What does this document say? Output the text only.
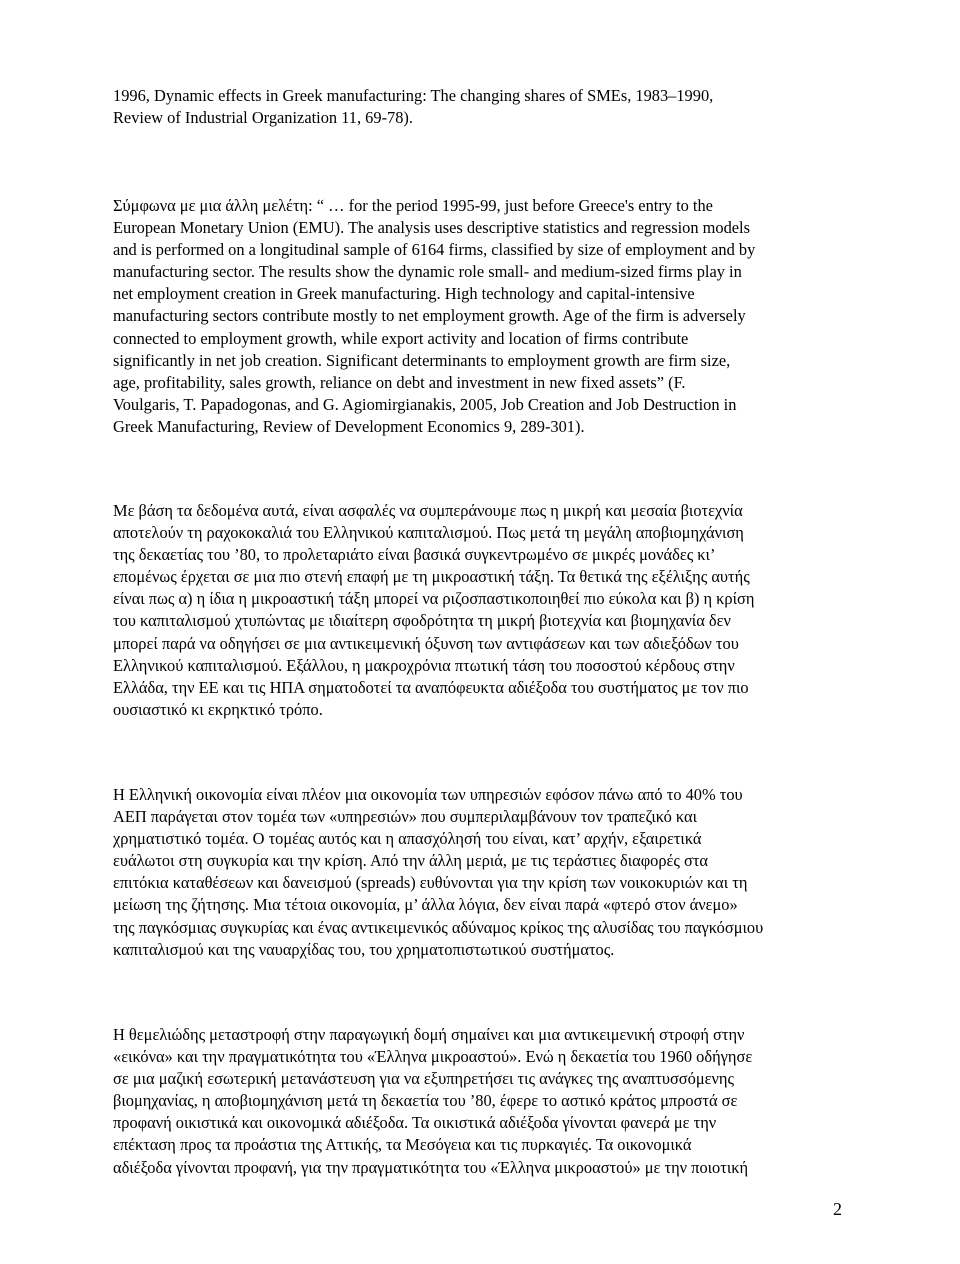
1996, Dynamic effects in Greek manufacturing: The changing shares of SMEs, 1983–1990,
Review of Industrial Organization 11, 69-78).
Σύμφωνα με μια άλλη μελέτη: “ … for the period 1995-99, just before Greece's entry to the
European Monetary Union (EMU). The analysis uses descriptive statistics and regression models
and is performed on a longitudinal sample of 6164 firms, classified by size of employment and by
manufacturing sector. The results show the dynamic role small- and medium-sized firms play in
net employment creation in Greek manufacturing. High technology and capital-intensive
manufacturing sectors contribute mostly to net employment growth. Age of the firm is adversely
connected to employment growth, while export activity and location of firms contribute
significantly in net job creation. Significant determinants to employment growth are firm size,
age, profitability, sales growth, reliance on debt and investment in new fixed assets” (F.
Voulgaris, T. Papadogonas, and G. Agiomirgianakis, 2005, Job Creation and Job Destruction in
Greek Manufacturing, Review of Development Economics 9, 289-301).
Με βάση τα δεδομένα αυτά, είναι ασφαλές να συμπεράνουμε πως η μικρή και μεσαία βιοτεχνία
αποτελούν τη ραχοκοκαλιά του Ελληνικού καπιταλισμού. Πως μετά τη μεγάλη αποβιομηχάνιση
της δεκαετίας του ’80, το προλεταριάτο είναι βασικά συγκεντρωμένο σε μικρές μονάδες κι’
επομένως έρχεται σε μια πιο στενή επαφή με τη μικροαστική τάξη. Τα θετικά της εξέλιξης αυτής
είναι πως α) η ίδια η μικροαστική τάξη μπορεί να ριζοσπαστικοποιηθεί πιο εύκολα και β) η κρίση
του καπιταλισμού χτυπώντας με ιδιαίτερη σφοδρότητα τη μικρή βιοτεχνία και βιομηχανία δεν
μπορεί παρά να οδηγήσει σε μια αντικειμενική όξυνση των αντιφάσεων και των αδιεξόδων του
Ελληνικού καπιταλισμού. Εξάλλου, η μακροχρόνια πτωτική τάση του ποσοστού κέρδους στην
Ελλάδα, την ΕΕ και τις ΗΠΑ σηματοδοτεί τα αναπόφευκτα αδιέξοδα του συστήματος με τον πιο
ουσιαστικό κι εκρηκτικό τρόπο.
Η Ελληνική οικονομία είναι πλέον μια οικονομία των υπηρεσιών εφόσον πάνω από το 40% του
ΑΕΠ παράγεται στον τομέα των «υπηρεσιών» που συμπεριλαμβάνουν τον τραπεζικό και
χρηματιστικό τομέα. Ο τομέας αυτός και η απασχόλησή του είναι, κατ’ αρχήν, εξαιρετικά
ευάλωτοι στη συγκυρία και την κρίση. Από την άλλη μεριά, με τις τεράστιες διαφορές στα
επιτόκια καταθέσεων και δανεισμού (spreads) ευθύνονται για την κρίση των νοικοκυριών και τη
μείωση της ζήτησης. Μια τέτοια οικονομία, μ’ άλλα λόγια, δεν είναι παρά «φτερό στον άνεμο»
της παγκόσμιας συγκυρίας και ένας αντικειμενικός αδύναμος κρίκος της αλυσίδας του παγκόσμιου
καπιταλισμού και της ναυαρχίδας του, του χρηματοπιστωτικού συστήματος.
Η θεμελιώδης μεταστροφή στην παραγωγική δομή σημαίνει και μια αντικειμενική στροφή στην
«εικόνα» και την πραγματικότητα του «Έλληνα μικροαστού». Ενώ η δεκαετία του 1960 οδήγησε
σε μια μαζική εσωτερική μετανάστευση για να εξυπηρετήσει τις ανάγκες της αναπτυσσόμενης
βιομηχανίας, η αποβιομηχάνιση μετά τη δεκαετία του ’80, έφερε το αστικό κράτος μπροστά σε
προφανή οικιστικά και οικονομικά αδιέξοδα. Τα οικιστικά αδιέξοδα γίνονται φανερά με την
επέκταση προς τα προάστια της Αττικής, τα Μεσόγεια και τις πυρκαγιές. Τα οικονομικά
αδιέξοδα γίνονται προφανή, για την πραγματικότητα του «Έλληνα μικροαστού» με την ποιοτική
2
